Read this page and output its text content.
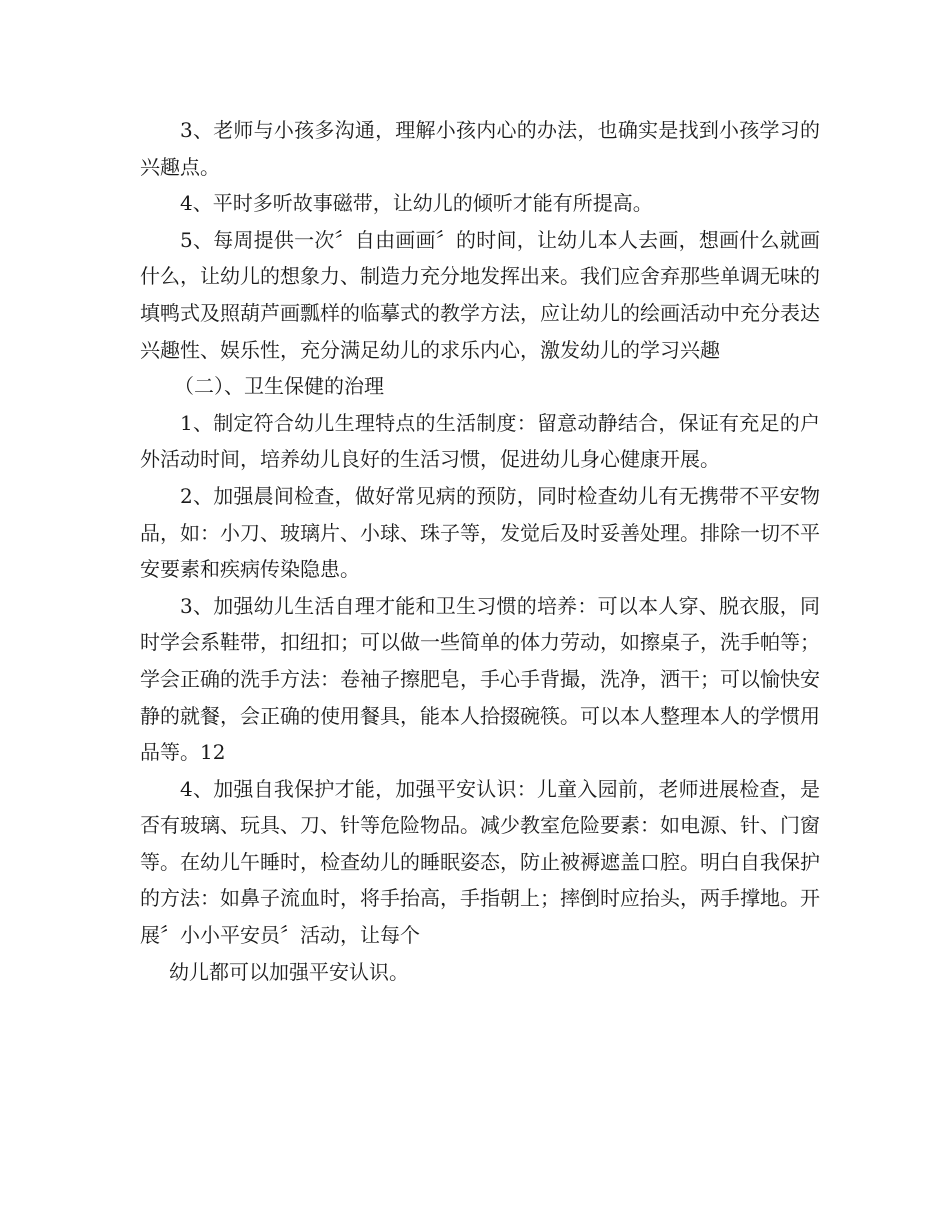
3、老师与小孩多沟通，理解小孩内心的办法，也确实是找到小孩学习的兴趣点。

4、平时多听故事磁带，让幼儿的倾听才能有所提高。

5、每周提供一次〞自由画画〞的时间，让幼儿本人去画，想画什么就画什么，让幼儿的想象力、制造力充分地发挥出来。我们应舍弃那些单调无味的填鸭式及照葫芦画瓢样的临摹式的教学方法，应让幼儿的绘画活动中充分表达兴趣性、娱乐性，充分满足幼儿的求乐内心，激发幼儿的学习兴趣

（二）、卫生保健的治理

1、制定符合幼儿生理特点的生活制度：留意动静结合，保证有充足的户外活动时间，培养幼儿良好的生活习惯，促进幼儿身心健康开展。

2、加强晨间检查，做好常见病的预防，同时检查幼儿有无携带不平安物品，如：小刀、玻璃片、小球、珠子等，发觉后及时妥善处理。排除一切不平安要素和疾病传染隐患。

3、加强幼儿生活自理才能和卫生习惯的培养：可以本人穿、脱衣服，同时学会系鞋带，扣纽扣；可以做一些简单的体力劳动，如擦桌子，洗手帕等；学会正确的洗手方法：卷袖子擦肥皂，手心手背撮，洗净，洒干；可以愉快安静的就餐，会正确的使用餐具，能本人拾掇碗筷。可以本人整理本人的学惯用品等。12

4、加强自我保护才能，加强平安认识：儿童入园前，老师进展检查，是否有玻璃、玩具、刀、针等危险物品。减少教室危险要素：如电源、针、门窗等。在幼儿午睡时，检查幼儿的睡眠姿态，防止被褥遮盖口腔。明白自我保护的方法：如鼻子流血时，将手抬高，手指朝上；摔倒时应抬头，两手撑地。开展〞小小平安员〞活动，让每个

幼儿都可以加强平安认识。
